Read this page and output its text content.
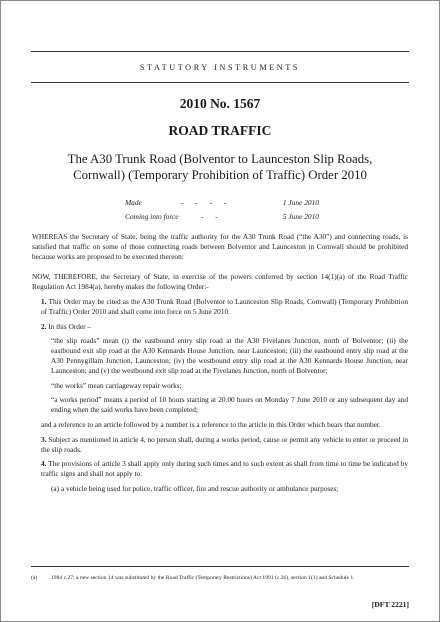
STATUTORY INSTRUMENTS
2010 No. 1567
ROAD TRAFFIC
The A30 Trunk Road (Bolventor to Launceston Slip Roads, Cornwall) (Temporary Prohibition of Traffic) Order 2010
Made	- - - -	1 June 2010
Coming into force	- -	5 June 2010

WHEREAS the Secretary of State, being the traffic authority for the A30 Trunk Road (“the A30”) and connecting roads, is satisfied that traffic on some of those connecting roads between Bolventor and Launceston in Cornwall should be prohibited because works are proposed to be executed thereon:

NOW, THEREFORE, the Secretary of State, in exercise of the powers conferred by section 14(1)(a) of the Road Traffic Regulation Act 1984(a), hereby makes the following Order:-

1. This Order may be cited as the A30 Trunk Road (Bolventor to Launceston Slip Roads, Cornwall) (Temporary Prohibition of Traffic) Order 2010 and shall come into force on 5 June 2010.

2. In this Order –

“the slip roads” mean (i) the eastbound entry slip road at the A30 Fivelanes Junction, north of Bolventor; (ii) the eastbound exit slip road at the A30 Kennards House Junction, near Launceston; (iii) the eastbound entry slip road at the A30 Pennygillam Junction, Launceston; (iv) the westbound entry slip road at the A30 Kennards House Junction, near Launceston; and (v) the westbound exit slip road at the Fivelanes Junction, north of Bolventor;

“the works” mean carriageway repair works;

“a works period” means a period of 10 hours starting at 20.00 hours on Monday 7 June 2010 or any subsequent day and ending when the said works have been completed;

and a reference to an article followed by a number is a reference to the article in this Order which bears that number.

3. Subject as mentioned in article 4, no person shall, during a works period, cause or permit any vehicle to enter or proceed in the slip roads.

4. The provisions of article 3 shall apply only during such times and to such extent as shall from time to time be indicated by traffic signs and shall not apply to:

(a) a vehicle being used for police, traffic officer, fire and rescue authority or ambulance purposes;

(a)	1984 c.27; a new section 14 was substituted by the Road Traffic (Temporary Restrictions) Act 1991 (c.26), section 1(1) and Schedule 1.
[DFT 2221]
